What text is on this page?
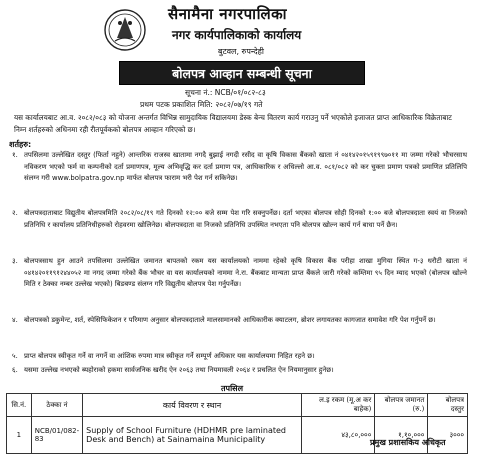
सैनामैना नगरपालिका
नगर कार्यपालिकाको कार्यालय
बुटवल, रुपन्देही
बोलपत्र आव्हान सम्बन्धी सूचना
सूचना नं.: NCB/०१/०८२-८३
प्रथम पटक प्रकाशित मिति: २०८२/०७/१९ गते
यस कार्यालयबाट आ.व. २०८२/०८३ को योजना अन्तर्गत विभिन्न सामुदायिक विद्यालयमा डेस्क बेन्च वितरण कार्य गराउनु पर्ने भएकोले इजाजत प्राप्त आधिकारिक विक्रेताबाट निम्न शर्तहरुको अधिनमा रही रीतपूर्वकको बोलपत्र आव्हान गरिएको छ।
शर्तहरु:
१. तपसिलमा उल्लेखित दस्तुर (फिर्ता नहुने) आन्तरिक राजस्व खातामा नगदै बुझाई नगदी रसीद वा कृषि विकास बैंकको खाता नं ०४१४२०१५९१९९७०११ मा जम्मा गरेको भौचरसाथ नविकरण भएको फर्म वा कम्पनीको दर्ता प्रमाणपत्र, मूल्य अभिवृद्धि कर दर्ता प्रमाण पत्र, आधिकारिक र अधिल्लो आ.व. ०८१/०८२ को कर चुक्ता प्रमाण पत्रको प्रमाणित प्रतिलिपि संलग्न गरी www.bolpatra.gov.np मार्फत बोलपत्र फाराम भरी पेश गर्न सकिनेछ।
२. बोलपत्रदाताबाट विद्युतीय बोलपत्रमिति २०८२/०८/१९ गते दिनको १२:०० बजे सम्म पेश गरि सक्नुपर्नेछ। दर्ता भएका बोलपत्र सोही दिनको १:०० बजे बोलपत्रदाता स्वयं वा निजको प्रतिनिधि र कार्यालय प्रतिनिधीहरुको रोहवरमा खोलिनेछ। बोलपत्रदाता वा निजको प्रतिनिधि उपस्थित नभएता पनि बोलपत्र खोल्न कार्य गर्न बाधा पर्ने छैन।
३. बोलपत्रसाथ हुन आउने तपसिलमा उल्लेखित जमानत बापतको रकम यस कार्यालयको नाममा रहेको कृषि विकास बैंक परीहा शाखा मुगिया स्थित ग-३ धरौटी खाता नं ०४१४२०११९१२४४०५२ मा नगद जम्मा गरेको बैंक भौचर वा यस कार्यालयको नाममा ने.रा. बैंकबाट मान्यता प्राप्त बैंकले जारी गरेको कम्तिमा ९५ दिन म्याद भएको (बोलपत्र खोल्ने मिति र ठेक्का नम्बर उल्लेख भएको) बिडबण्ड संलग्न गरि विद्युतीय बोलपत्र पेश गर्नुपर्नेछ।
४. बोलपत्रको डकुमेन्ट, शर्त, स्पेसिफिकेशन र परिमाण अनुसार बोलपत्रदाताले मालसामानको आधिकारीक क्याटलग, ब्रोशर लगायतका कागजात समावेश गरि पेश गर्नुपर्ने छ।
५. प्राप्त बोलपत्र स्वीकृत गर्ने वा नगर्ने वा आंशिक रुपमा मात्र स्वीकृत गर्ने सम्पूर्ण अधिकार यस कार्यालयमा निहित रहने छ।
६. यसमा उल्लेख नभएको ब्यहोराको हकमा सार्वजनिक खरीद ऐन २०६३ तथा नियमावली २०६४ र प्रचलित ऐन नियमानुसार हुनेछ।
तपसिल
सि.नं.	ठेक्का नं	कार्य विवरण र स्थान	ल.इ रकम (मू.अ कर बाहेक)	बोलपत्र जमानत (रु.)	बोलपत्र दस्तुर
1	NCB/01/082-83	Supply of School Furniture (HDHMR pre laminated Desk and Bench) at Sainamaina Municipality	४३,८०,०००	१,१०,०००	३०००
प्रमुख प्रशासकिय अधिकृत
